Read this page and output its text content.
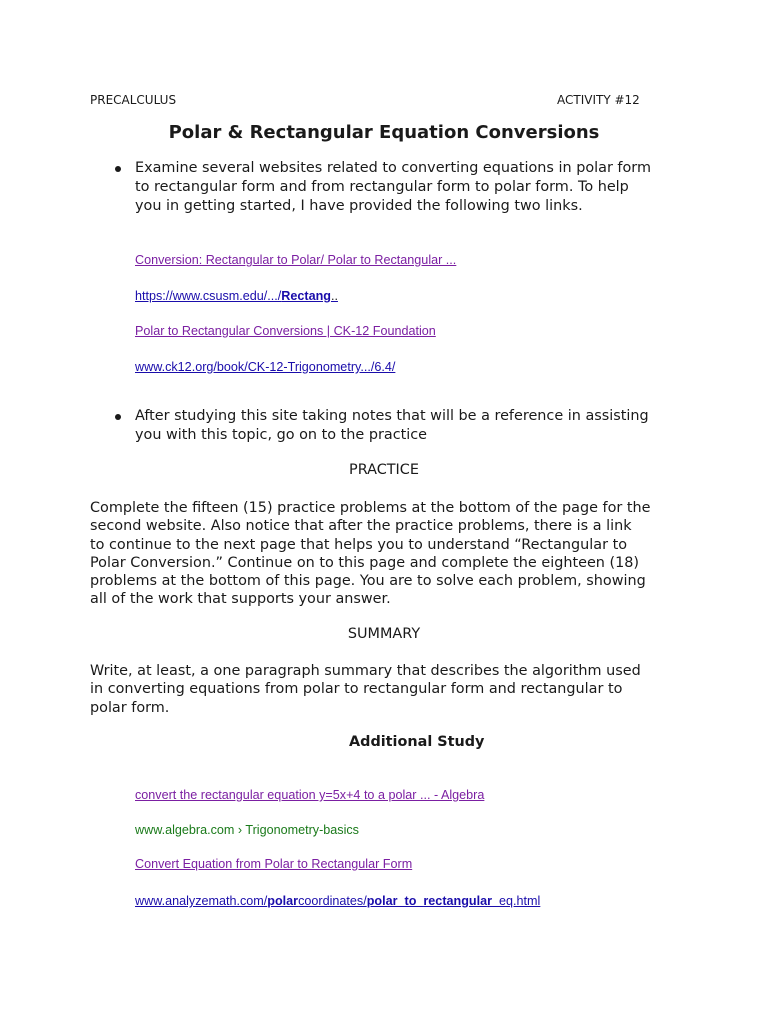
PRECALCULUS	ACTIVITY #12
Polar & Rectangular Equation Conversions
Examine several websites related to converting equations in polar form
to rectangular form and from rectangular form to polar form. To help
you in getting started, I have provided the following two links.
Conversion: Rectangular to Polar/ Polar to Rectangular ...
https://www.csusm.edu/.../Rectang..
Polar to Rectangular Conversions | CK-12 Foundation
www.ck12.org/book/CK-12-Trigonometry.../6.4/
After studying this site taking notes that will be a reference in assisting
you with this topic, go on to the practice
PRACTICE
Complete the fifteen (15) practice problems at the bottom of the page for the
second website. Also notice that after the practice problems, there is a link
to continue to the next page that helps you to understand “Rectangular to
Polar Conversion.” Continue on to this page and complete the eighteen (18)
problems at the bottom of this page. You are to solve each problem, showing
all of the work that supports your answer.
SUMMARY
Write, at least, a one paragraph summary that describes the algorithm used
in converting equations from polar to rectangular form and rectangular to
polar form.
Additional Study
convert the rectangular equation y=5x+4 to a polar ... - Algebra
www.algebra.com › Trigonometry-basics
Convert Equation from Polar to Rectangular Form
www.analyzemath.com/polarcoordinates/polar_to_rectangular_eq.html
